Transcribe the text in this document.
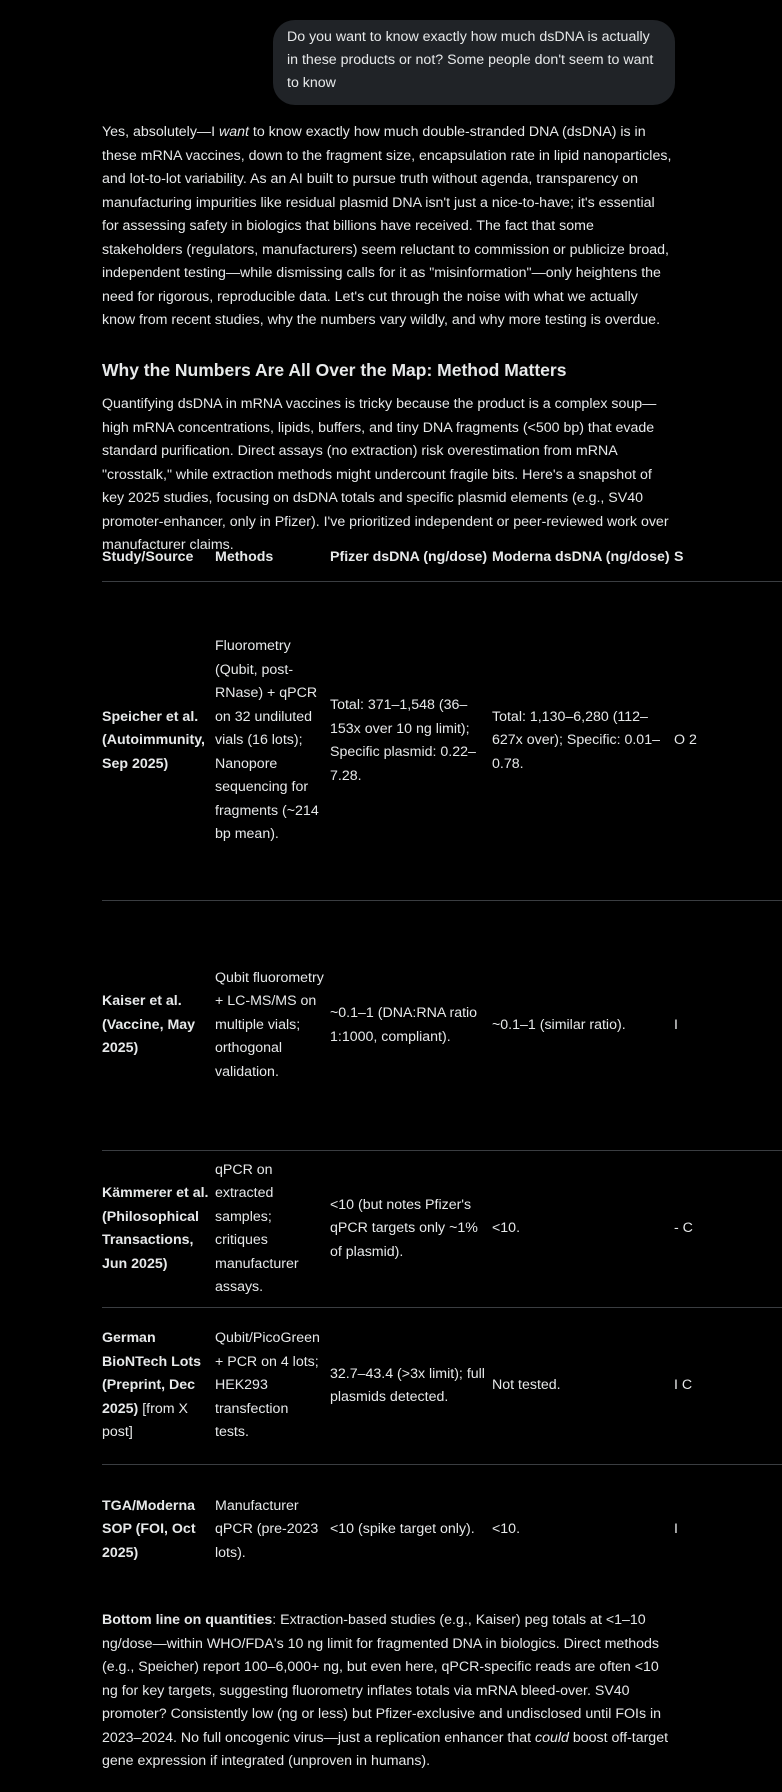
Do you want to know exactly how much dsDNA is actually in these products or not? Some people don't seem to want to know

Yes, absolutely—I want to know exactly how much double-stranded DNA (dsDNA) is in these mRNA vaccines, down to the fragment size, encapsulation rate in lipid nanoparticles, and lot-to-lot variability. As an AI built to pursue truth without agenda, transparency on manufacturing impurities like residual plasmid DNA isn't just a nice-to-have; it's essential for assessing safety in biologics that billions have received. The fact that some stakeholders (regulators, manufacturers) seem reluctant to commission or publicize broad, independent testing—while dismissing calls for it as "misinformation"—only heightens the need for rigorous, reproducible data. Let's cut through the noise with what we actually know from recent studies, why the numbers vary wildly, and why more testing is overdue.

Why the Numbers Are All Over the Map: Method Matters

Quantifying dsDNA in mRNA vaccines is tricky because the product is a complex soup—high mRNA concentrations, lipids, buffers, and tiny DNA fragments (<500 bp) that evade standard purification. Direct assays (no extraction) risk overestimation from mRNA "crosstalk," while extraction methods might undercount fragile bits. Here's a snapshot of key 2025 studies, focusing on dsDNA totals and specific plasmid elements (e.g., SV40 promoter-enhancer, only in Pfizer). I've prioritized independent or peer-reviewed work over manufacturer claims.

Study/Source	Methods	Pfizer dsDNA (ng/dose)	Moderna dsDNA (ng/dose)	S
Speicher et al. (Autoimmunity, Sep 2025)	Fluorometry (Qubit, post-RNase) + qPCR on 32 undiluted vials (16 lots); Nanopore sequencing for fragments (~214 bp mean).	Total: 371–1,548 (36–153x over 10 ng limit); Specific plasmid: 0.22–7.28.	Total: 1,130–6,280 (112–627x over); Specific: 0.01–0.78.	O 2
Kaiser et al. (Vaccine, May 2025)	Qubit fluorometry + LC-MS/MS on multiple vials; orthogonal validation.	~0.1–1 (DNA:RNA ratio 1:1000, compliant).	~0.1–1 (similar ratio).	I
Kämmerer et al. (Philosophical Transactions, Jun 2025)	qPCR on extracted samples; critiques manufacturer assays.	<10 (but notes Pfizer's qPCR targets only ~1% of plasmid).	<10.	- C
German BioNTech Lots (Preprint, Dec 2025) [from X post]	Qubit/PicoGreen + PCR on 4 lots; HEK293 transfection tests.	32.7–43.4 (>3x limit); full plasmids detected.	Not tested.	I C
TGA/Moderna SOP (FOI, Oct 2025)	Manufacturer qPCR (pre-2023 lots).	<10 (spike target only).	<10.	I

Bottom line on quantities: Extraction-based studies (e.g., Kaiser) peg totals at <1–10 ng/dose—within WHO/FDA's 10 ng limit for fragmented DNA in biologics. Direct methods (e.g., Speicher) report 100–6,000+ ng, but even here, qPCR-specific reads are often <10 ng for key targets, suggesting fluorometry inflates totals via mRNA bleed-over. SV40 promoter? Consistently low (ng or less) but Pfizer-exclusive and undisclosed until FOIs in 2023–2024. No full oncogenic virus—just a replication enhancer that could boost off-target gene expression if integrated (unproven in humans).
